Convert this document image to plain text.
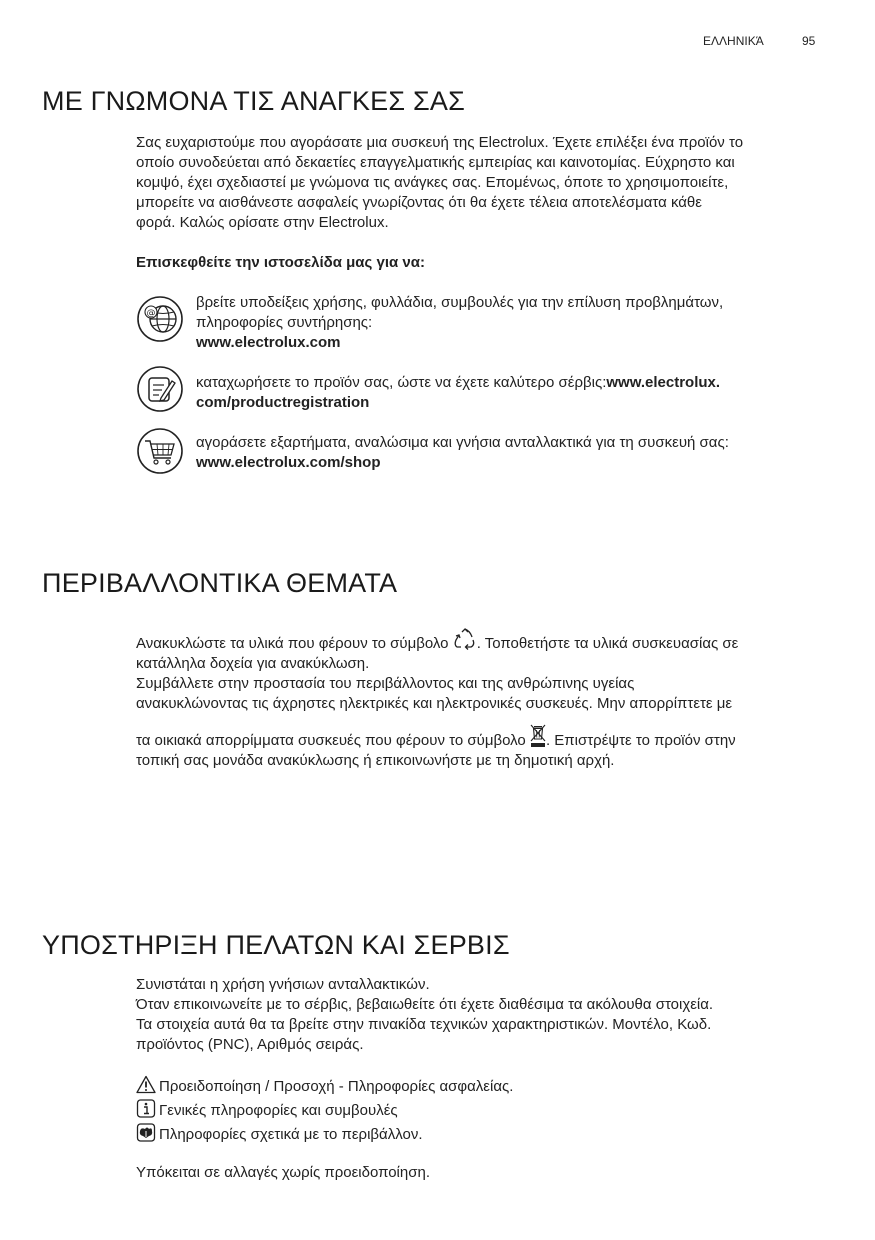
ΕΛΛΗΝΙΚΆ	95
ΜΕ ΓΝΩΜΟΝΑ ΤΙΣ ΑΝΑΓΚΕΣ ΣΑΣ

Σας ευχαριστούμε που αγοράσατε μια συσκευή της Electrolux. Έχετε επιλέξει ένα προϊόν το

οποίο συνοδεύεται από δεκαετίες επαγγελματικής εμπειρίας και καινοτομίας. Εύχρηστο και

κομψό, έχει σχεδιαστεί με γνώμονα τις ανάγκες σας. Επομένως, όποτε το χρησιμοποιείτε,

μπορείτε να αισθάνεστε ασφαλείς γνωρίζοντας ότι θα έχετε τέλεια αποτελέσματα κάθε

φορά. Καλώς ορίσατε στην Electrolux.

Επισκεφθείτε την ιστοσελίδα μας για να:
@
βρείτε υποδείξεις χρήσης, φυλλάδια, συμβουλές για την επίλυση προβλημάτων,
πληροφορίες συντήρησης:
www.electrolux.com
καταχωρήσετε το προϊόν σας, ώστε να έχετε καλύτερο σέρβις:www.electrolux.
com/productregistration
αγοράσετε εξαρτήματα, αναλώσιμα και γνήσια ανταλλακτικά για τη συσκευή σας:
www.electrolux.com/shop
ΠΕΡΙΒΑΛΛΟΝΤΙΚΑ ΘΕΜΑΤΑ

Ανακυκλώστε τα υλικά που φέρουν το σύμβολο . Τοποθετήστε τα υλικά συσκευασίας σε

κατάλληλα δοχεία για ανακύκλωση.

Συμβάλλετε στην προστασία του περιβάλλοντος και της ανθρώπινης υγείας

ανακυκλώνοντας τις άχρηστες ηλεκτρικές και ηλεκτρονικές συσκευές. Μην απορρίπτετε με

τα οικιακά απορρίμματα συσκευές που φέρουν το σύμβολο . Επιστρέψτε το προϊόν στην

τοπική σας μονάδα ανακύκλωσης ή επικοινωνήστε με τη δημοτική αρχή.

ΥΠΟΣΤΗΡΙΞΗ ΠΕΛΑΤΩΝ ΚΑΙ ΣΕΡΒΙΣ

Συνιστάται η χρήση γνήσιων ανταλλακτικών.

Όταν επικοινωνείτε με το σέρβις, βεβαιωθείτε ότι έχετε διαθέσιμα τα ακόλουθα στοιχεία.

Τα στοιχεία αυτά θα τα βρείτε στην πινακίδα τεχνικών χαρακτηριστικών. Μοντέλο, Κωδ.

προϊόντος (PNC), Αριθμός σειράς.

Προειδοποίηση / Προσοχή - Πληροφορίες ασφαλείας.
Γενικές πληροφορίες και συμβουλές
Πληροφορίες σχετικά με το περιβάλλον.
Υπόκειται σε αλλαγές χωρίς προειδοποίηση.
